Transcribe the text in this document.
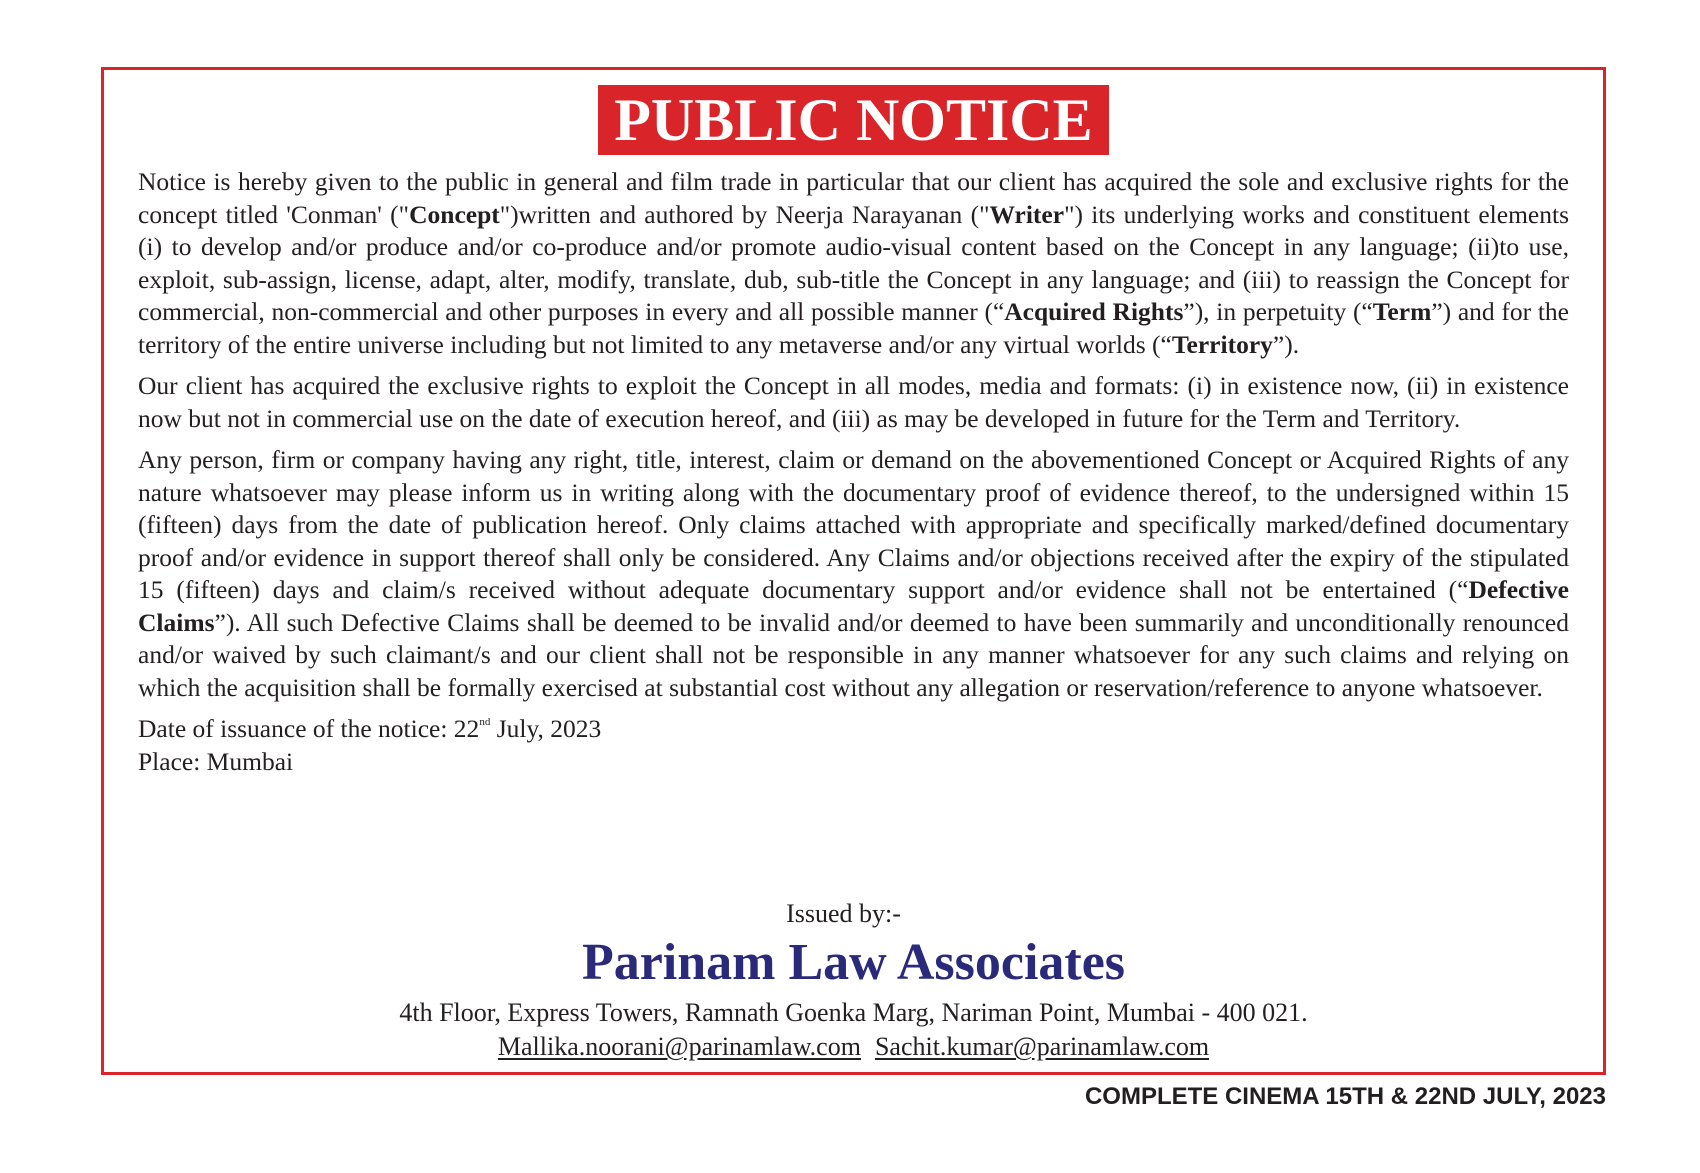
PUBLIC NOTICE

Notice is hereby given to the public in general and film trade in particular that our client has acquired the sole and exclusive rights for the concept titled 'Conman' ("Concept")written and authored by Neerja Narayanan ("Writer") its underlying works and constituent elements (i) to develop and/or produce and/or co-produce and/or promote audio-visual content based on the Concept in any language; (ii)to use, exploit, sub-assign, license, adapt, alter, modify, translate, dub, sub-title the Concept in any language; and (iii) to reassign the Concept for commercial, non-commercial and other purposes in every and all possible manner (“Acquired Rights”), in perpetuity (“Term”) and for the territory of the entire universe including but not limited to any metaverse and/or any virtual worlds (“Territory”).

Our client has acquired the exclusive rights to exploit the Concept in all modes, media and formats: (i) in existence now, (ii) in existence now but not in commercial use on the date of execution hereof, and (iii) as may be developed in future for the Term and Territory.

Any person, firm or company having any right, title, interest, claim or demand on the abovementioned Concept or Acquired Rights of any nature whatsoever may please inform us in writing along with the documentary proof of evidence thereof, to the undersigned within 15 (fifteen) days from the date of publication hereof. Only claims attached with appropriate and specifically marked/defined documentary proof and/or evidence in support thereof shall only be considered. Any Claims and/or objections received after the expiry of the stipulated 15 (fifteen) days and claim/s received without adequate documentary support and/or evidence shall not be entertained (“Defective Claims”). All such Defective Claims shall be deemed to be invalid and/or deemed to have been summarily and unconditionally renounced and/or waived by such claimant/s and our client shall not be responsible in any manner whatsoever for any such claims and relying on which the acquisition shall be formally exercised at substantial cost without any allegation or reservation/reference to anyone whatsoever.

Date of issuance of the notice: 22nd July, 2023
Place: Mumbai
Issued by:-
Parinam Law Associates
4th Floor, Express Towers, Ramnath Goenka Marg, Nariman Point, Mumbai - 400 021.
Mallika.noorani@parinamlaw.com Sachit.kumar@parinamlaw.com
COMPLETE CINEMA 15TH & 22ND JULY, 2023
